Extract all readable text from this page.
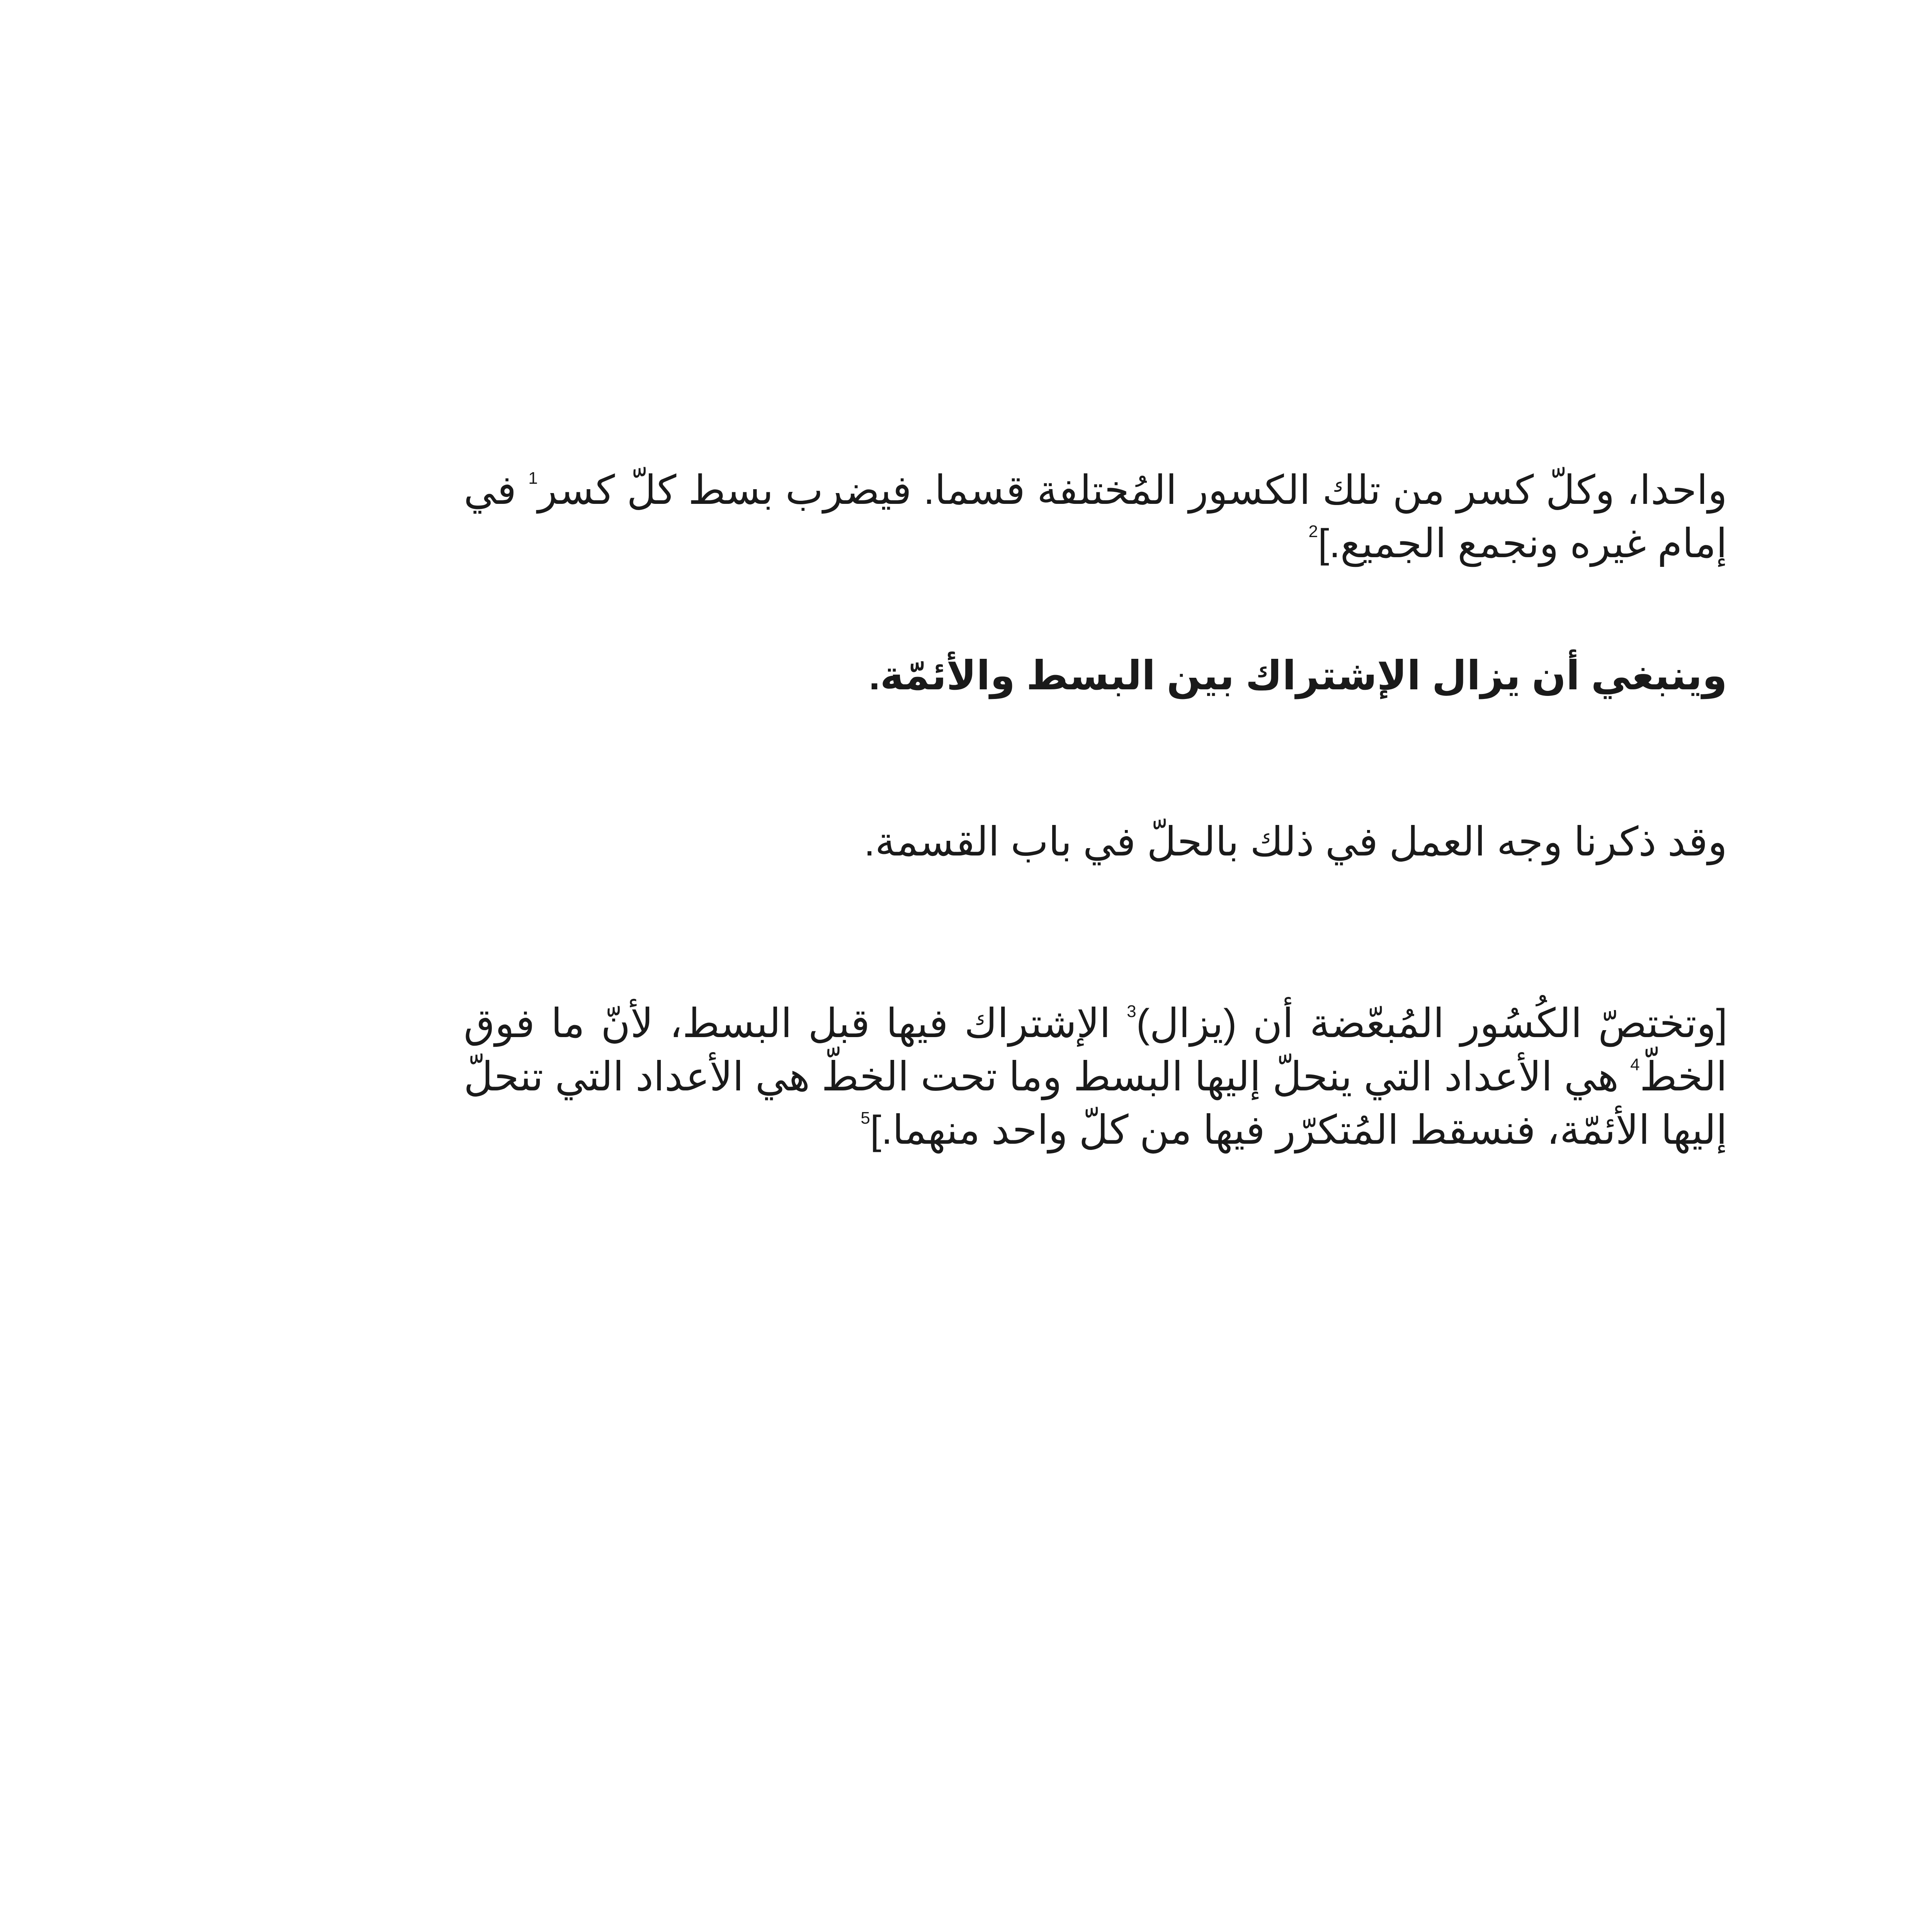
واحدا، وكلّ كسر من تلك الكسور المُختلفة قسما. فيضرب بسط كلّ كسر$^1$ في إمام غيره ونجمع الجميع.]$^2$

وينبغي أن يزال الإشتراك بين البسط والأئمّة.

وقد ذكرنا وجه العمل في ذلك بالحلّ في باب القسمة.

[وتختصّ الكُسُور المُبعّضة أن (يزال)$^3$ الإشتراك فيها قبل البسط، لأنّ ما فوق الخطّ$^4$ هي الأعداد التي ينحلّ إليها البسط وما تحت الخطّ هي الأعداد التي تنحلّ إليها الأئمّة، فنسقط المُتكرّر فيها من كلّ واحد منهما.]$^5$
